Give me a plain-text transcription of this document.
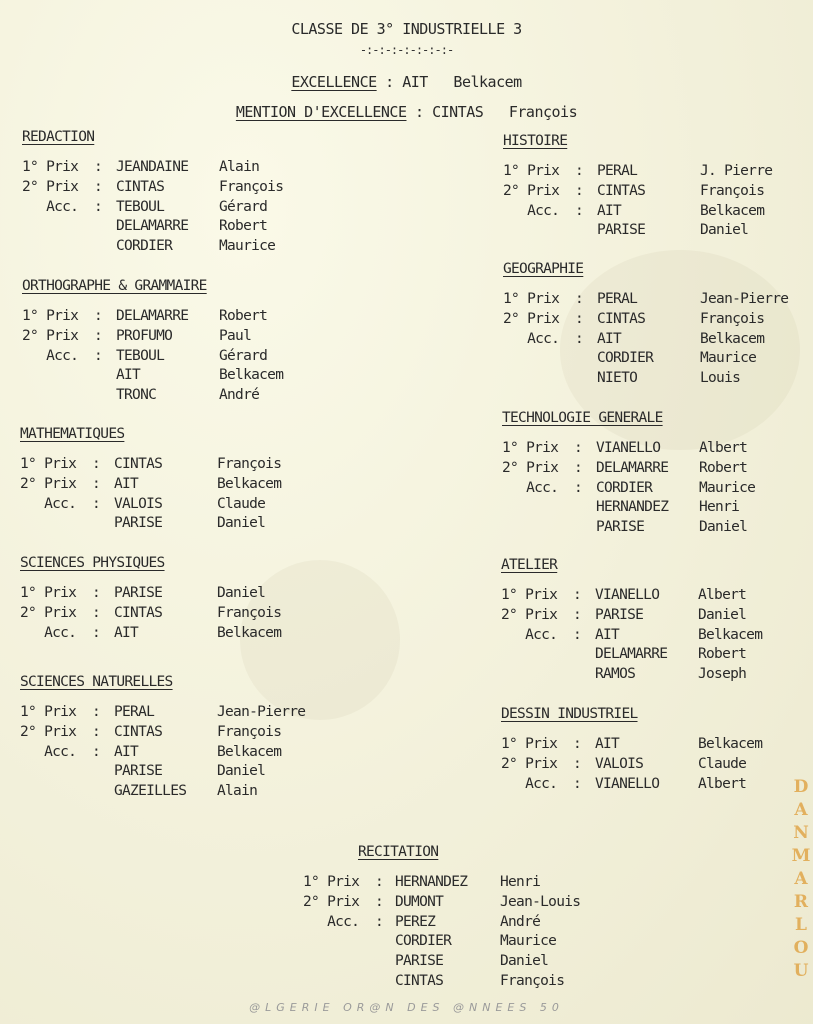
CLASSE DE 3° INDUSTRIELLE 3
-:-:-:-:-:-:-:-
EXCELLENCE : AIT   Belkacem
MENTION D'EXCELLENCE : CINTAS   François
REDACTION
1° Prix : JEANDAINE Alain
2° Prix : CINTAS	François
Acc. : TEBOUL	Gérard
DELAMARRE Robert
CORDIER	Maurice
ORTHOGRAPHE & GRAMMAIRE
1° Prix : DELAMARRE Robert
2° Prix : PROFUMO	Paul
Acc. : TEBOUL	Gérard
AIT	Belkacem
TRONC	André
MATHEMATIQUES
1° Prix : CINTAS	François
2° Prix : AIT	Belkacem
Acc. : VALOIS	Claude
PARISE	Daniel
SCIENCES PHYSIQUES
1° Prix : PARISE	Daniel
2° Prix : CINTAS	François
Acc. : AIT	Belkacem
SCIENCES NATURELLES
1° Prix : PERAL	Jean-Pierre
2° Prix : CINTAS	François
Acc. : AIT	Belkacem
PARISE	Daniel
GAZEILLES Alain
HISTOIRE
1° Prix : PERAL	J. Pierre
2° Prix : CINTAS	François
Acc. : AIT	Belkacem
PARISE	Daniel
GEOGRAPHIE
1° Prix : PERAL	Jean-Pierre
2° Prix : CINTAS	François
Acc. : AIT	Belkacem
CORDIER	Maurice
NIETO	Louis
TECHNOLOGIE GENERALE
1° Prix : VIANELLO	Albert
2° Prix : DELAMARRE Robert
Acc. : CORDIER	Maurice
HERNANDEZ Henri
PARISE	Daniel
ATELIER
1° Prix : VIANELLO	Albert
2° Prix : PARISE	Daniel
Acc. : AIT	Belkacem
DELAMARRE Robert
RAMOS	Joseph
DESSIN INDUSTRIEL
1° Prix : AIT	Belkacem
2° Prix : VALOIS	Claude
Acc. : VIANELLO	Albert
RECITATION
1° Prix : HERNANDEZ Henri
2° Prix : DUMONT	Jean-Louis
Acc. : PEREZ	André
CORDIER	Maurice
PARISE	Daniel
CINTAS	François
D
A
N
M
A
R
L
O
U
@LGERIE OR@N DES @NNEES 50
